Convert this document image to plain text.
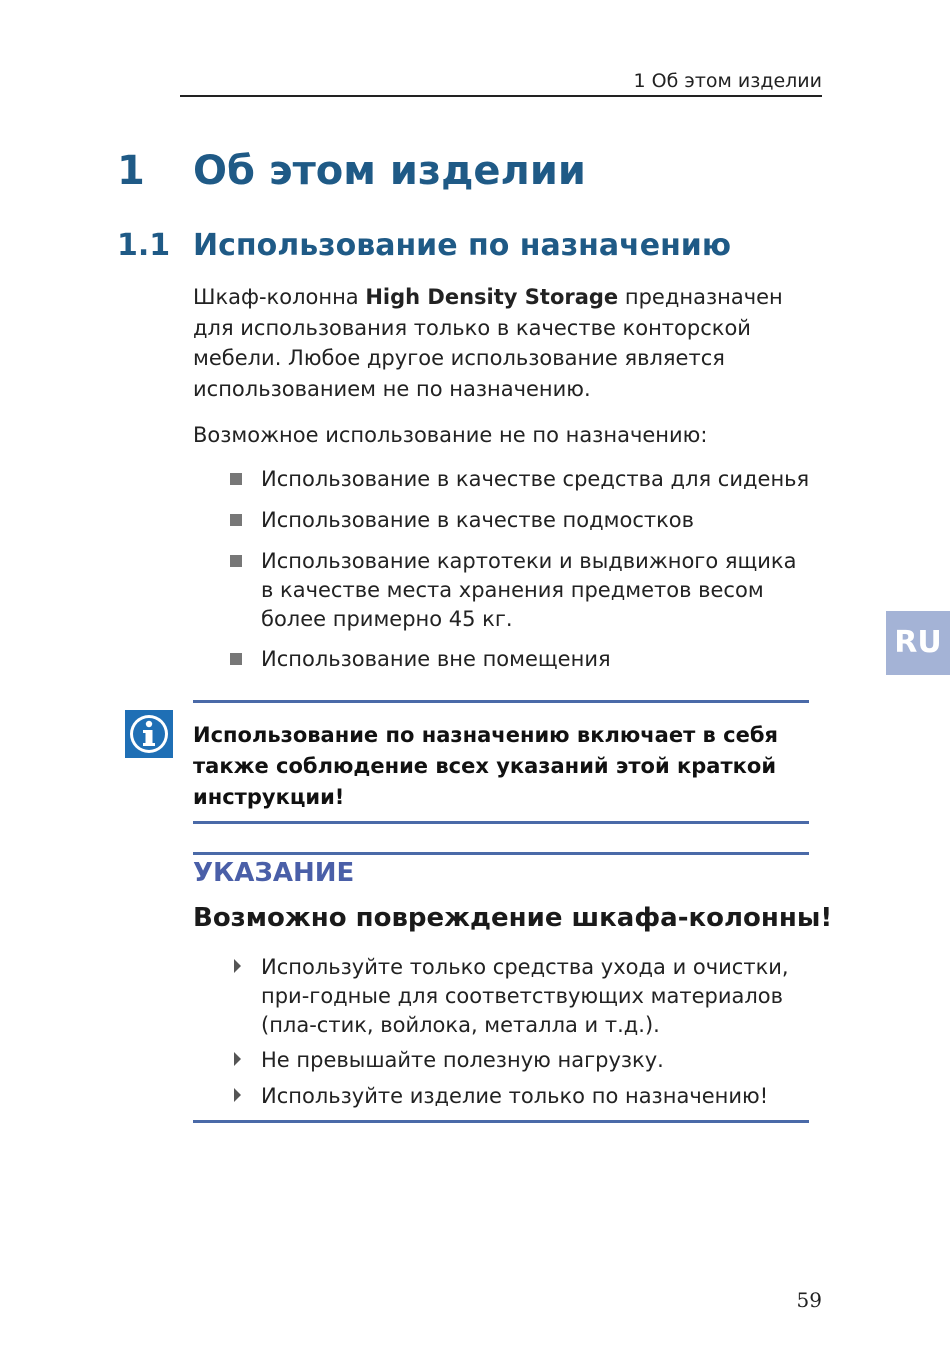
1 Об этом изделии
1 Об этом изделии
1.1 Использование по назначению
Шкаф-колонна High Density Storage предназначен для использования только в качестве конторской мебели. Любое другое использование является использованием не по назначению.
Возможное использование не по назначению:
Использование в качестве средства для сиденья
Использование в качестве подмостков
Использование картотеки и выдвижного ящика в качестве места хранения предметов весом более примерно 45 кг.
Использование вне помещения
Использование по назначению включает в себя также соблюдение всех указаний этой краткой инструкции!
УКАЗАНИЕ
Возможно повреждение шкафа-колонны!
Используйте только средства ухода и очистки, при-годные для соответствующих материалов (пла-стик, войлока, металла и т.д.).
Не превышайте полезную нагрузку.
Используйте изделие только по назначению!
RU
59
